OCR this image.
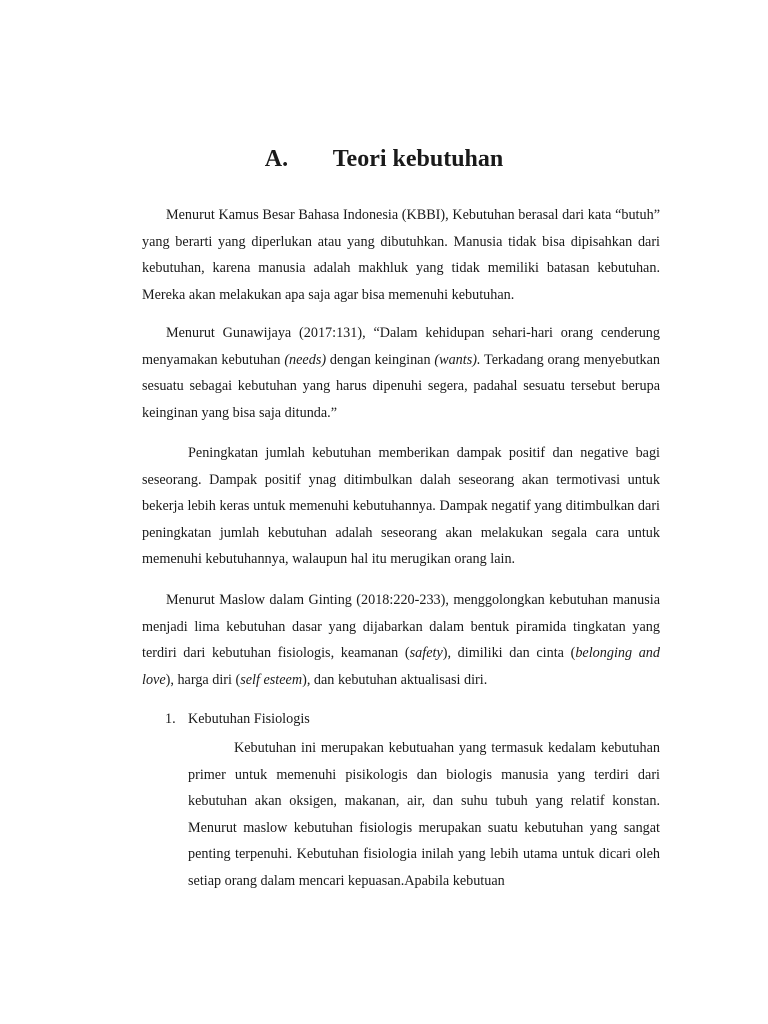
A. Teori kebutuhan

Menurut Kamus Besar Bahasa Indonesia (KBBI), Kebutuhan berasal dari kata “butuh” yang berarti yang diperlukan atau yang dibutuhkan. Manusia tidak bisa dipisahkan dari kebutuhan, karena manusia adalah makhluk yang tidak memiliki batasan kebutuhan. Mereka akan melakukan apa saja agar bisa memenuhi kebutuhan.

Menurut Gunawijaya (2017:131), “Dalam kehidupan sehari-hari orang cenderung menyamakan kebutuhan (needs) dengan keinginan (wants). Terkadang orang menyebutkan sesuatu sebagai kebutuhan yang harus dipenuhi segera, padahal sesuatu tersebut berupa keinginan yang bisa saja ditunda.”

Peningkatan jumlah kebutuhan memberikan dampak positif dan negative bagi seseorang. Dampak positif ynag ditimbulkan dalah seseorang akan termotivasi untuk bekerja lebih keras untuk memenuhi kebutuhannya. Dampak negatif yang ditimbulkan dari peningkatan jumlah kebutuhan adalah seseorang akan melakukan segala cara untuk memenuhi kebutuhannya, walaupun hal itu merugikan orang lain.

Menurut Maslow dalam Ginting (2018:220-233), menggolongkan kebutuhan manusia menjadi lima kebutuhan dasar yang dijabarkan dalam bentuk piramida tingkatan yang terdiri dari kebutuhan fisiologis, keamanan (safety), dimiliki dan cinta (belonging and love), harga diri (self esteem), dan kebutuhan aktualisasi diri.

1. Kebutuhan Fisiologis

Kebutuhan ini merupakan kebutuahan yang termasuk kedalam kebutuhan primer untuk memenuhi pisikologis dan biologis manusia yang terdiri dari kebutuhan akan oksigen, makanan, air, dan suhu tubuh yang relatif konstan. Menurut maslow kebutuhan fisiologis merupakan suatu kebutuhan yang sangat penting terpenuhi. Kebutuhan fisiologia inilah yang lebih utama untuk dicari oleh setiap orang dalam mencari kepuasan.Apabila kebutuan
